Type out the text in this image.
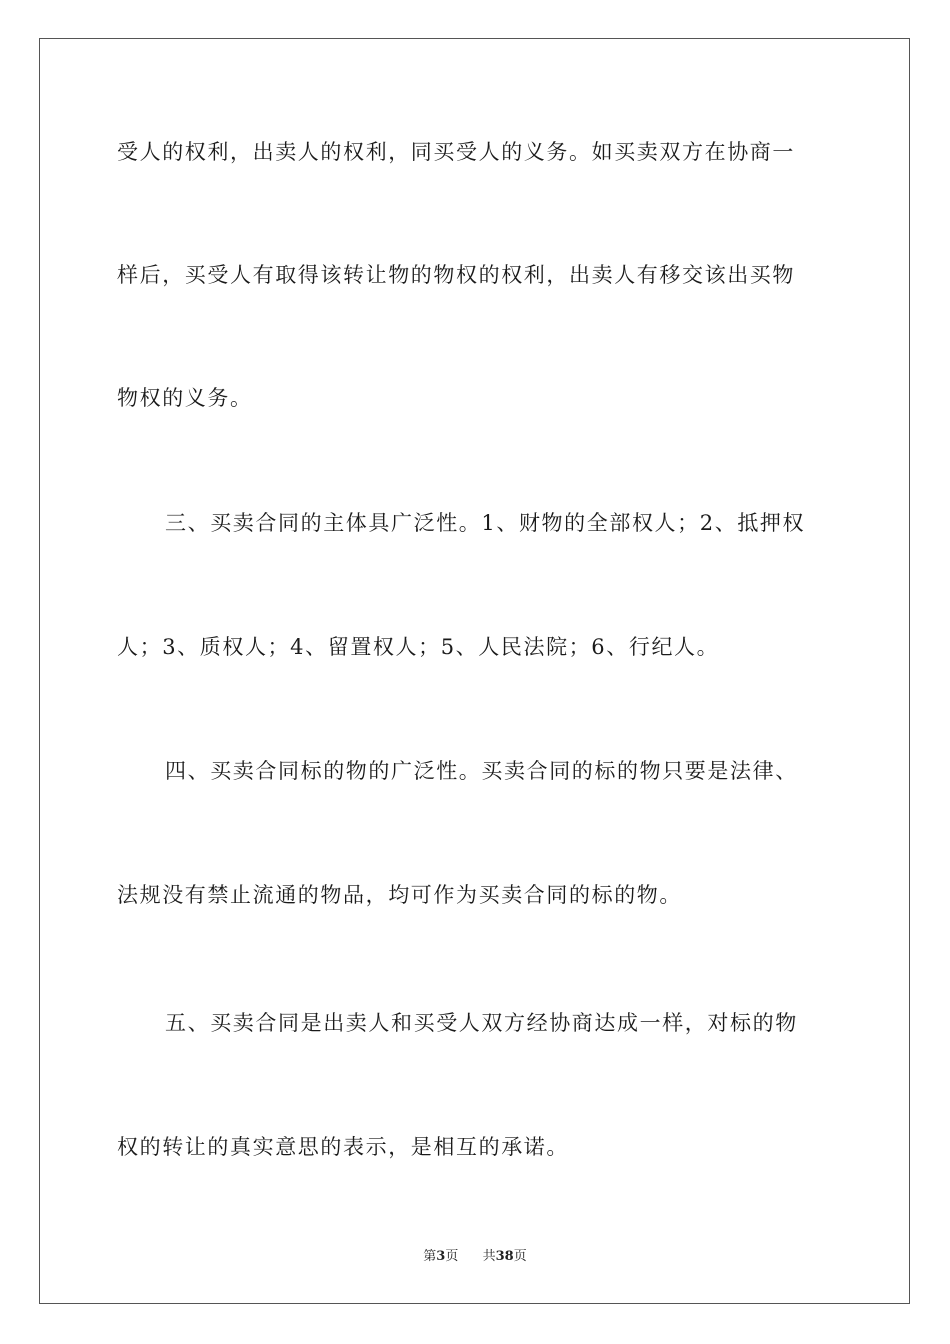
受人的权利，出卖人的权利，同买受人的义务。如买卖双方在协商一
样后，买受人有取得该转让物的物权的权利，出卖人有移交该出买物
物权的义务。
三、买卖合同的主体具广泛性。1、财物的全部权人；2、抵押权
人；3、质权人；4、留置权人；5、人民法院；6、行纪人。
四、买卖合同标的物的广泛性。买卖合同的标的物只要是法律、
法规没有禁止流通的物品，均可作为买卖合同的标的物。
五、买卖合同是出卖人和买受人双方经协商达成一样，对标的物
权的转让的真实意思的表示，是相互的承诺。
第3页 共38页
